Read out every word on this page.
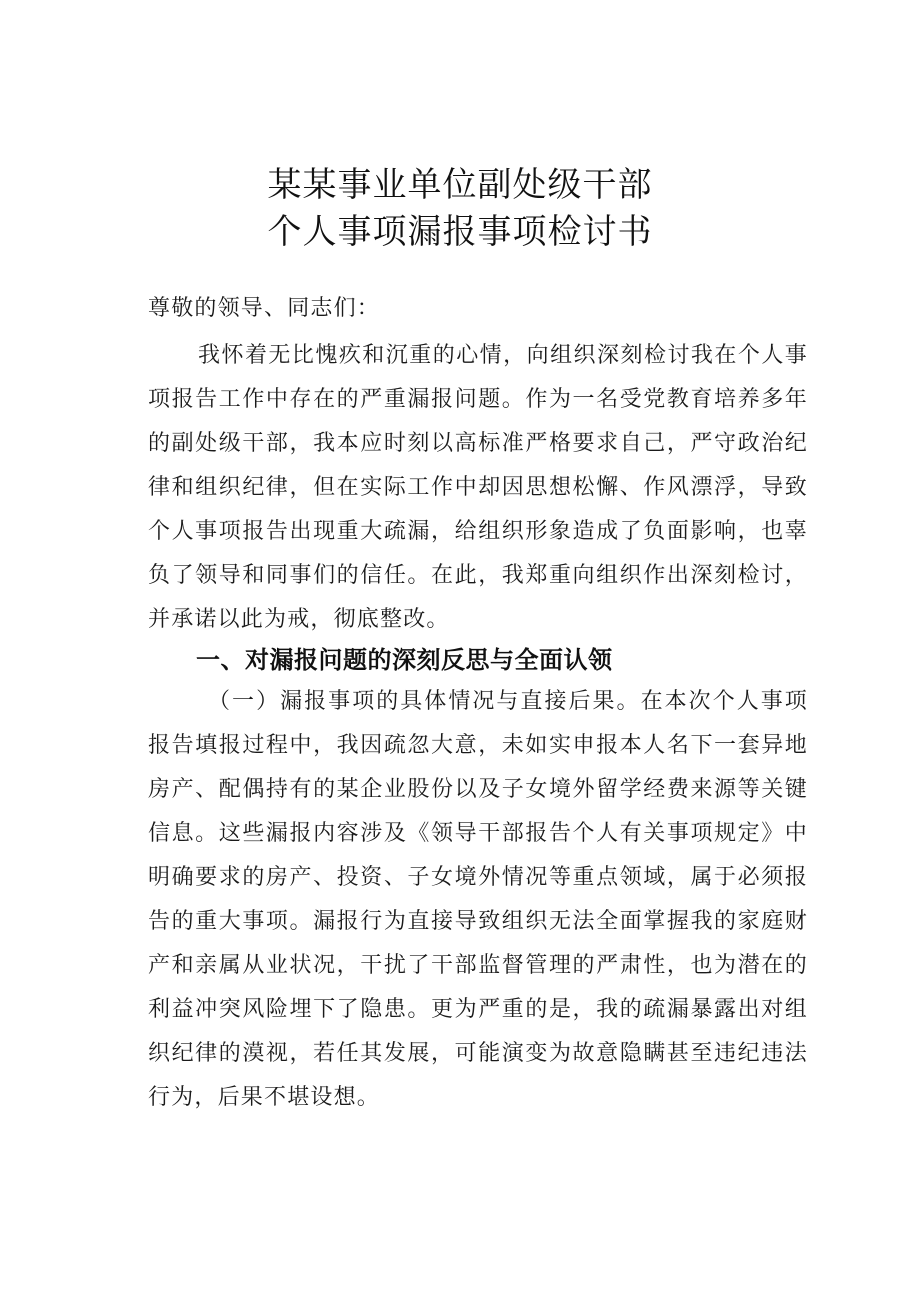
某某事业单位副处级干部
个人事项漏报事项检讨书

尊敬的领导、同志们：

我怀着无比愧疚和沉重的心情，向组织深刻检讨我在个人事项报告工作中存在的严重漏报问题。作为一名受党教育培养多年的副处级干部，我本应时刻以高标准严格要求自己，严守政治纪律和组织纪律，但在实际工作中却因思想松懈、作风漂浮，导致个人事项报告出现重大疏漏，给组织形象造成了负面影响，也辜负了领导和同事们的信任。在此，我郑重向组织作出深刻检讨，并承诺以此为戒，彻底整改。

一、对漏报问题的深刻反思与全面认领

（一）漏报事项的具体情况与直接后果。在本次个人事项报告填报过程中，我因疏忽大意，未如实申报本人名下一套异地房产、配偶持有的某企业股份以及子女境外留学经费来源等关键信息。这些漏报内容涉及《领导干部报告个人有关事项规定》中明确要求的房产、投资、子女境外情况等重点领域，属于必须报告的重大事项。漏报行为直接导致组织无法全面掌握我的家庭财产和亲属从业状况，干扰了干部监督管理的严肃性，也为潜在的利益冲突风险埋下了隐患。更为严重的是，我的疏漏暴露出对组织纪律的漠视，若任其发展，可能演变为故意隐瞒甚至违纪违法行为，后果不堪设想。
